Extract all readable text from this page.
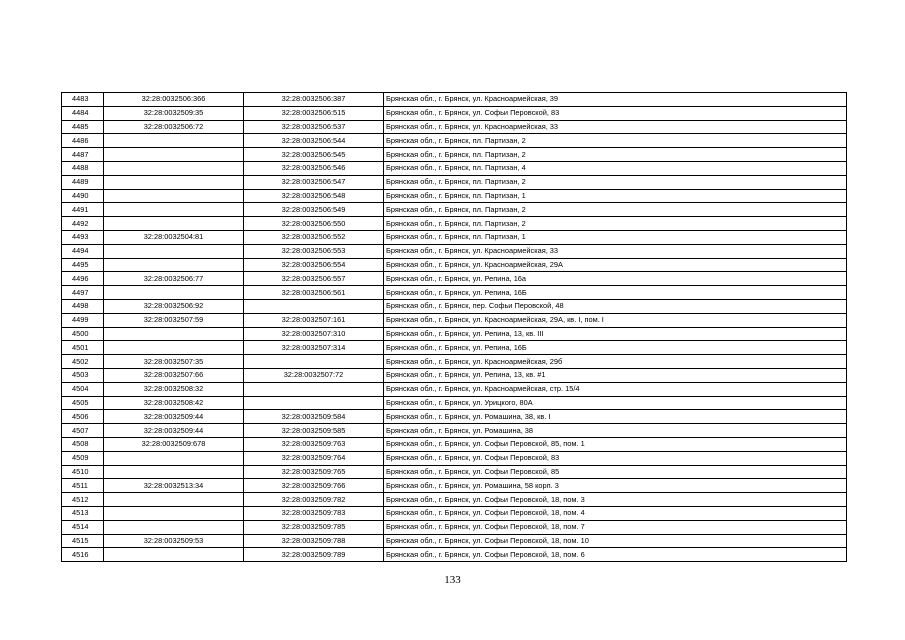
4483	32:28:0032506:366	32:28:0032506:387	Брянская обл., г. Брянск, ул. Красноармейская, 39
4484	32:28:0032509:35	32:28:0032506:515	Брянская обл., г. Брянск, ул. Софьи Перовской, 83
4485	32:28:0032506:72	32:28:0032506:537	Брянская обл., г. Брянск, ул. Красноармейская, 33
4486		32:28:0032506:544	Брянская обл., г. Брянск, пл. Партизан, 2
4487		32:28:0032506:545	Брянская обл., г. Брянск, пл. Партизан, 2
4488		32:28:0032506:546	Брянская обл., г. Брянск, пл. Партизан, 4
4489		32:28:0032506:547	Брянская обл., г. Брянск, пл. Партизан, 2
4490		32:28:0032506:548	Брянская обл., г. Брянск, пл. Партизан, 1
4491		32:28:0032506:549	Брянская обл., г. Брянск, пл. Партизан, 2
4492		32:28:0032506:550	Брянская обл., г. Брянск, пл. Партизан, 2
4493	32:28:0032504:81	32:28:0032506:552	Брянская обл., г. Брянск, пл. Партизан, 1
4494		32:28:0032506:553	Брянская обл., г. Брянск, ул. Красноармейская, 33
4495		32:28:0032506:554	Брянская обл., г. Брянск, ул. Красноармейская, 29А
4496	32:28:0032506:77	32:28:0032506:557	Брянская обл., г. Брянск, ул. Репина, 16а
4497		32:28:0032506:561	Брянская обл., г. Брянск, ул. Репина, 16Б
4498	32:28:0032506:92		Брянская обл., г. Брянск, пер. Софьи Перовской, 48
4499	32:28:0032507:59	32:28:0032507:161	Брянская обл., г. Брянск, ул. Красноармейская, 29А, кв. I, пом. I
4500		32:28:0032507:310	Брянская обл., г. Брянск, ул. Репина, 13, кв. III
4501		32:28:0032507:314	Брянская обл., г. Брянск, ул. Репина, 16Б
4502	32:28:0032507:35		Брянская обл., г. Брянск, ул. Красноармейская, 29б
4503	32:28:0032507:66	32:28:0032507:72	Брянская обл., г. Брянск, ул. Репина, 13, кв. #1
4504	32:28:0032508:32		Брянская обл., г. Брянск, ул. Красноармейская, стр. 15/4
4505	32:28:0032508:42		Брянская обл., г. Брянск, ул. Урицкого, 80А
4506	32:28:0032509:44	32:28:0032509:584	Брянская обл., г. Брянск, ул. Ромашина, 38, кв. I
4507	32:28:0032509:44	32:28:0032509:585	Брянская обл., г. Брянск, ул. Ромашина, 38
4508	32:28:0032509:678	32:28:0032509:763	Брянская обл., г. Брянск, ул. Софьи Перовской, 85, пом. 1
4509		32:28:0032509:764	Брянская обл., г. Брянск, ул. Софьи Перовской, 83
4510		32:28:0032509:765	Брянская обл., г. Брянск, ул. Софьи Перовской, 85
4511	32:28:0032513:34	32:28:0032509:766	Брянская обл., г. Брянск, ул. Ромашина, 58 корп. 3
4512		32:28:0032509:782	Брянская обл., г. Брянск, ул. Софьи Перовской, 18, пом. 3
4513		32:28:0032509:783	Брянская обл., г. Брянск, ул. Софьи Перовской, 18, пом. 4
4514		32:28:0032509:785	Брянская обл., г. Брянск, ул. Софьи Перовской, 18, пом. 7
4515	32:28:0032509:53	32:28:0032509:788	Брянская обл., г. Брянск, ул. Софьи Перовской, 18, пом. 10
4516		32:28:0032509:789	Брянская обл., г. Брянск, ул. Софьи Перовской, 18, пом. 6
133
